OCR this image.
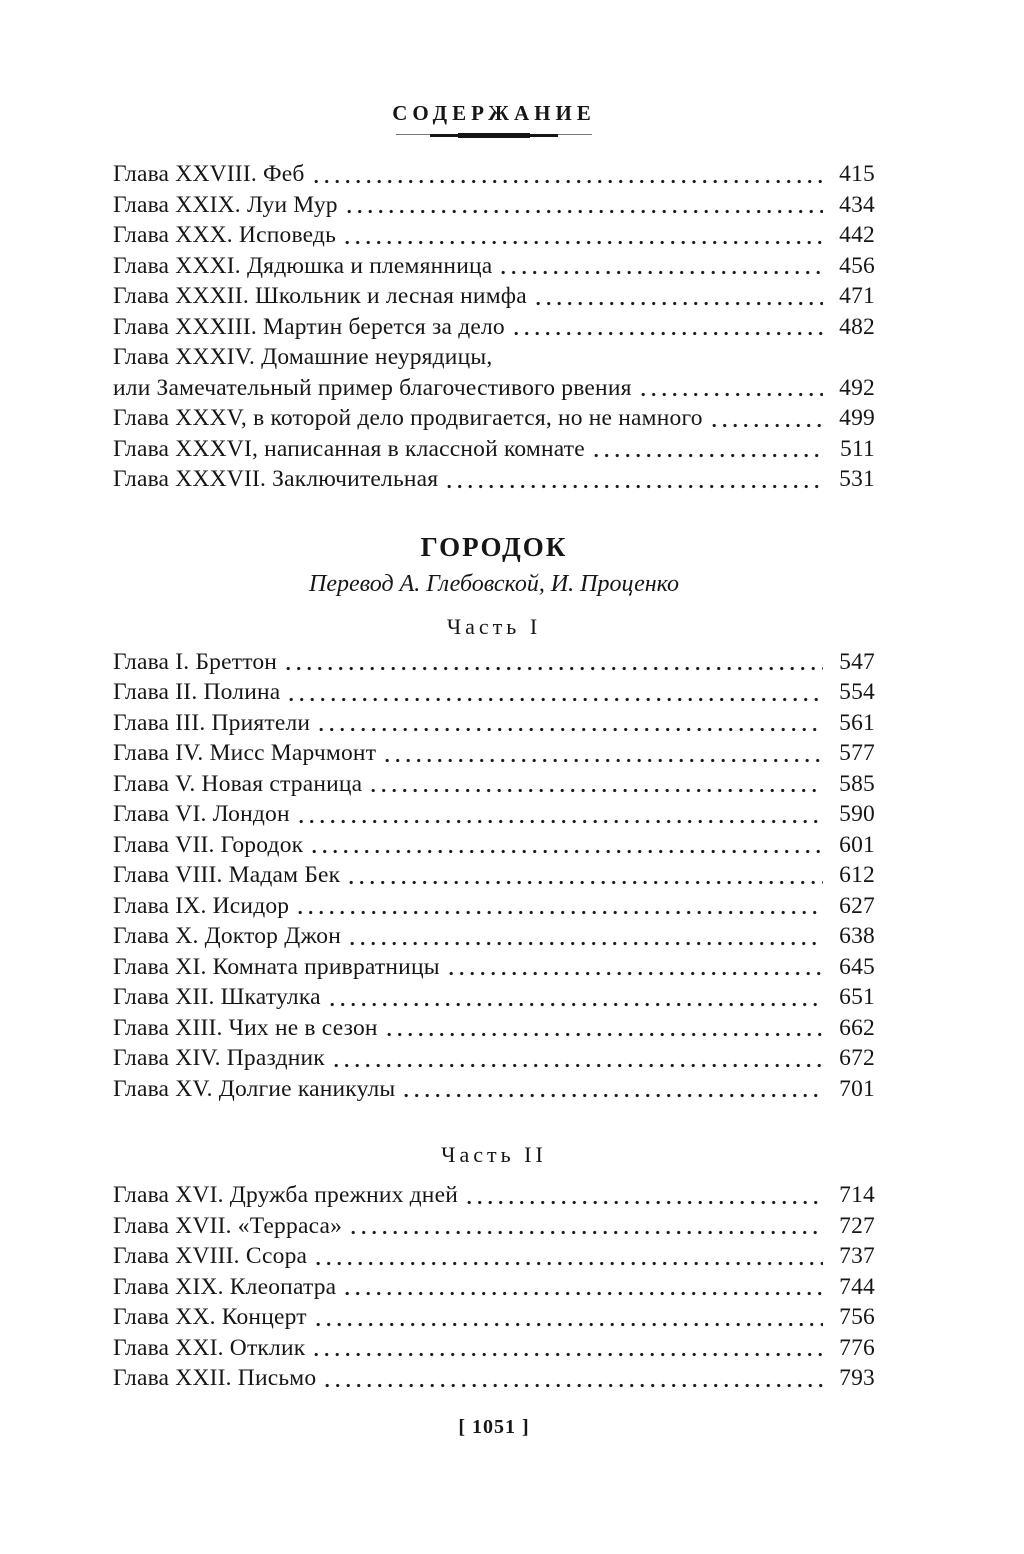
СОДЕРЖАНИЕ
Глава XXVIII. Феб	415
Глава XXIX. Луи Мур	434
Глава XXX. Исповедь	442
Глава XXXI. Дядюшка и племянница	456
Глава XXXII. Школьник и лесная нимфа	471
Глава XXXIII. Мартин берется за дело	482
Глава XXXIV. Домашние неурядицы,
или Замечательный пример благочестивого рвения	492
Глава XXXV, в которой дело продвигается, но не намного	499
Глава XXXVI, написанная в классной комнате	511
Глава XXXVII. Заключительная	531
ГОРОДОК
Перевод А. Глебовской, И. Проценко
Часть I
Глава I. Бреттон	547
Глава II. Полина	554
Глава III. Приятели	561
Глава IV. Мисс Марчмонт	577
Глава V. Новая страница	585
Глава VI. Лондон	590
Глава VII. Городок	601
Глава VIII. Мадам Бек	612
Глава IX. Исидор	627
Глава X. Доктор Джон	638
Глава XI. Комната привратницы	645
Глава XII. Шкатулка	651
Глава XIII. Чих не в сезон	662
Глава XIV. Праздник	672
Глава XV. Долгие каникулы	701
Часть II
Глава XVI. Дружба прежних дней	714
Глава XVII. «Терраса»	727
Глава XVIII. Ссора	737
Глава XIX. Клеопатра	744
Глава XX. Концерт	756
Глава XXI. Отклик	776
Глава XXII. Письмо	793
[ 1051 ]
